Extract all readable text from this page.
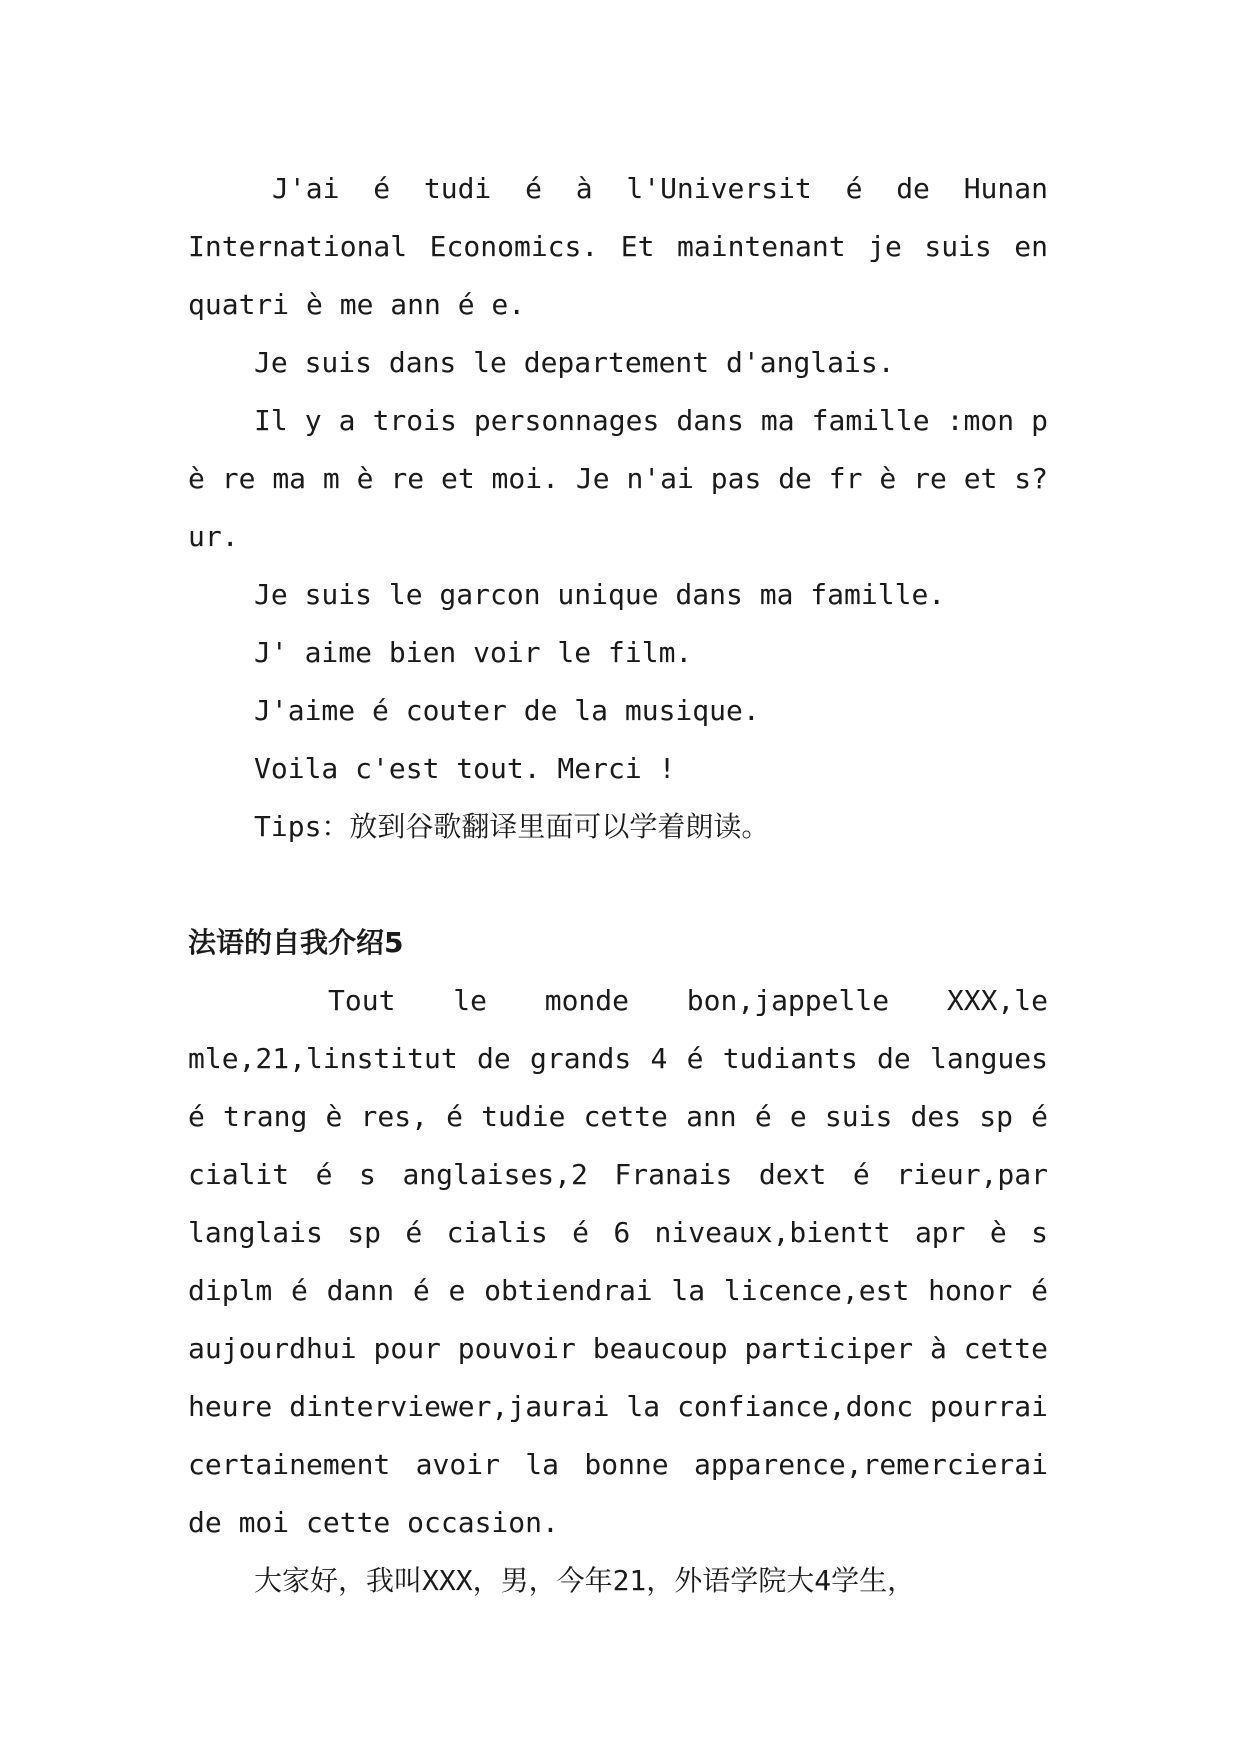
J'ai é tudi é à l'Universit é de Hunan International Economics. Et maintenant je suis en quatri è me ann é e.

Je suis dans le departement d'anglais.

Il y a trois personnages dans ma famille :mon p è re ma m è re et moi. Je n'ai pas de fr è re et s?ur.

Je suis le garcon unique dans ma famille.

J' aime bien voir le film.

J'aime é couter de la musique.

Voila c'est tout. Merci !

Tips：放到谷歌翻译里面可以学着朗读。

法语的自我介绍5

Tout le monde bon,jappelle XXX,le mle,21,linstitut de grands 4 é tudiants de langues é trang è res, é tudie cette ann é e suis des sp é cialit é s anglaises,2 Franais dext é rieur,par langlais sp é cialis é 6 niveaux,bientt apr è s diplm é dann é e obtiendrai la licence,est honor é aujourdhui pour pouvoir beaucoup participer à cette heure dinterviewer,jaurai la confiance,donc pourrai certainement avoir la bonne apparence,remercierai de moi cette occasion.

大家好，我叫XXX，男，今年21，外语学院大4学生，
